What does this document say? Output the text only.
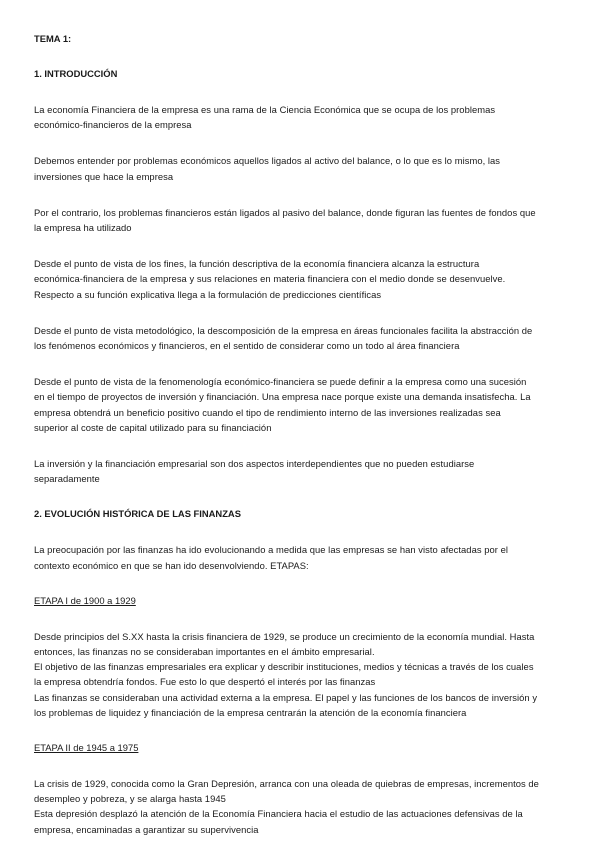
TEMA 1:
1. INTRODUCCIÓN
La economía Financiera de la empresa es una rama de la Ciencia Económica que se ocupa de los problemas
económico-financieros de la empresa
Debemos entender por problemas económicos aquellos ligados al activo del balance, o lo que es lo mismo, las
inversiones que hace la empresa
Por el contrario, los problemas financieros están ligados al pasivo del balance, donde figuran las fuentes de fondos que
la empresa ha utilizado
Desde el punto de vista de los fines, la función descriptiva de la economía financiera alcanza la estructura
económica-financiera de la empresa y sus relaciones en materia financiera con el medio donde se desenvuelve.
Respecto a su función explicativa llega a la formulación de predicciones científicas
Desde el punto de vista metodológico, la descomposición de la empresa en áreas funcionales facilita la abstracción de
los fenómenos económicos y financieros, en el sentido de considerar como un todo al área financiera
Desde el punto de vista de la fenomenología económico-financiera se puede definir a la empresa como una sucesión
en el tiempo de proyectos de inversión y financiación. Una empresa nace porque existe una demanda insatisfecha. La
empresa obtendrá un beneficio positivo cuando el tipo de rendimiento interno de las inversiones realizadas sea
superior al coste de capital utilizado para su financiación
La inversión y la financiación empresarial son dos aspectos interdependientes que no pueden estudiarse
separadamente
2. EVOLUCIÓN HISTÓRICA DE LAS FINANZAS
La preocupación por las finanzas ha ido evolucionando a medida que las empresas se han visto afectadas por el
contexto económico en que se han ido desenvolviendo. ETAPAS:
ETAPA I de 1900 a 1929
Desde principios del S.XX hasta la crisis financiera de 1929, se produce un crecimiento de la economía mundial. Hasta
entonces, las finanzas no se consideraban importantes en el ámbito empresarial.
El objetivo de las finanzas empresariales era explicar y describir instituciones, medios y técnicas a través de los cuales
la empresa obtendría fondos. Fue esto lo que despertó el interés por las finanzas
Las finanzas se consideraban una actividad externa a la empresa. El papel y las funciones de los bancos de inversión y
los problemas de liquidez y financiación de la empresa centrarán la atención de la economía financiera
ETAPA II de 1945 a 1975
La crisis de 1929, conocida como la Gran Depresión, arranca con una oleada de quiebras de empresas, incrementos de
desempleo y pobreza, y se alarga hasta 1945
Esta depresión desplazó la atención de la Economía Financiera hacia el estudio de las actuaciones defensivas de la
empresa, encaminadas a garantizar su supervivencia
